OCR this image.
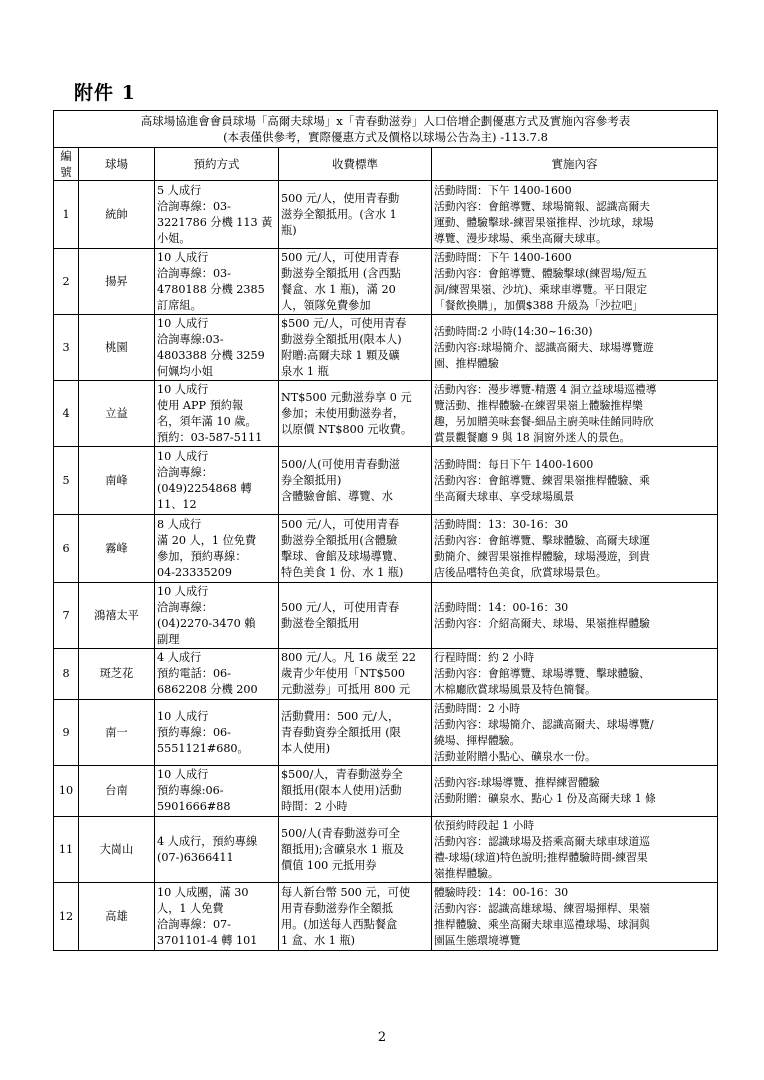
附件 1
高球場協進會會員球場「高爾夫球場」x「青春動滋券」人口倍增企劃優惠方式及實施內容參考表
(本表僅供參考，實際優惠方式及價格以球場公告為主) -113.7.8				

編號	球場	預約方式	收費標準	實施內容
1	統帥	5 人成行
洽詢專線：03-
3221786 分機 113 黃
小姐。	500 元/人，使用青春動
滋券全額抵用。(含水 1
瓶)	活動時間：下午 1400-1600
活動內容：會館導覽、球場簡報、認識高爾夫
運動、體驗擊球-練習果嶺推桿、沙坑球，球場
導覽、漫步球場、乘坐高爾夫球車。
2	揚昇	10 人成行
洽詢專線：03-
4780188 分機 2385
訂席組。	500 元/人，可使用青春
動滋券全額抵用 (含西點
餐盒、水 1 瓶)，滿 20
人，領隊免費參加	活動時間：下午 1400-1600
活動內容：會館導覽、體驗擊球(練習場/短五
洞/練習果嶺、沙坑)、乘球車導覽。平日限定
「餐飲換購」，加價$388 升級為「沙拉吧」
3	桃園	10 人成行
洽詢專線:03-
4803388 分機 3259
何姵均小姐	$500 元/人，可使用青春
動滋券全額抵用(限本人)
附贈:高爾夫球 1 顆及礦
泉水 1 瓶	活動時間:2 小時(14:30~16:30)
活動內容:球場簡介、認識高爾夫、球場導覽遊
園、推桿體驗
4	立益	10 人成行
使用 APP 預約報
名，須年滿 10 歲。
預約：03-587-5111	NT$500 元動滋券享 0 元
參加；未使用動滋券者，
以原價 NT$800 元收費。	活動內容：漫步導覽-精選 4 洞立益球場巡禮導
覽活動、推桿體驗-在練習果嶺上體驗推桿樂
趣，另加贈美味套餐-細品主廚美味佳餚同時欣
賞景觀餐廳 9 與 18 洞窗外迷人的景色。
5	南峰	10 人成行
洽詢專線：
(049)2254868 轉
11、12	500/人(可使用青春動滋
券全額抵用)
含體驗會館、導覽、水	活動時間：每日下午 1400-1600
活動內容：會館導覽、練習果嶺推桿體驗、乘
坐高爾夫球車、享受球場風景
6	霧峰	8 人成行
滿 20 人，1 位免費
參加，預約專線：
04-23335209	500 元/人，可使用青春
動滋券全額抵用(含體驗
擊球、會館及球場導覽、
特色美食 1 份、水 1 瓶)	活動時間：13：30-16：30
活動內容：會館導覽、擊球體驗、高爾夫球運
動簡介、練習果嶺推桿體驗，球場漫遊，到貴
店後品嚐特色美食，欣賞球場景色。
7	鴻禧太平	10 人成行
洽詢專線：
(04)2270-3470 賴
副理	500 元/人，可使用青春
動滋卷全額抵用	活動時間：14：00-16：30
活動內容：介紹高爾夫、球場、果嶺推桿體驗
8	斑芝花	4 人成行
預約電話：06-
6862208 分機 200	800 元/人。凡 16 歲至 22
歲青少年使用「NT$500
元動滋券」可抵用 800 元	行程時間：約 2 小時
活動內容：會館導覽、球場導覽、擊球體驗、
木棉廳欣賞球場風景及特色簡餐。
9	南一	10 人成行
預約專線：06-
5551121#680。	活動費用：500 元/人，
青春動資券全額抵用 (限
本人使用)	活動時間：2 小時
活動內容：球場簡介、認識高爾夫、球場導覽/
繞場、揮桿體驗。
活動並附贈小點心、礦泉水一份。
10	台南	10 人成行
預約專線:06-
5901666#88	$500/人，青春動滋券全
額抵用(限本人使用)活動
時間：2 小時	活動內容:球場導覽、推桿練習體驗
活動附贈：礦泉水、點心 1 份及高爾夫球 1 條
11	大崗山	4 人成行，預約專線
(07-)6366411	500/人(青春動滋券可全
額抵用);含礦泉水 1 瓶及
價值 100 元抵用券	依預約時段起 1 小時
活動內容：認識球場及搭乘高爾夫球車球道巡
禮-球場(球道)特色說明;推桿體驗時間-練習果
嶺推桿體驗。
12	高雄	10 人成團，滿 30
人，1 人免費
洽詢專線：07-
3701101-4 轉 101	每人新台幣 500 元，可使
用青春動滋券作全額抵
用。(加送每人西點餐盒
1 盒、水 1 瓶)	體驗時段：14：00-16：30
活動內容：認識高雄球場、練習場揮桿、果嶺
推桿體驗、乘坐高爾夫球車巡禮球場、球洞與
園區生態環境導覽
2
